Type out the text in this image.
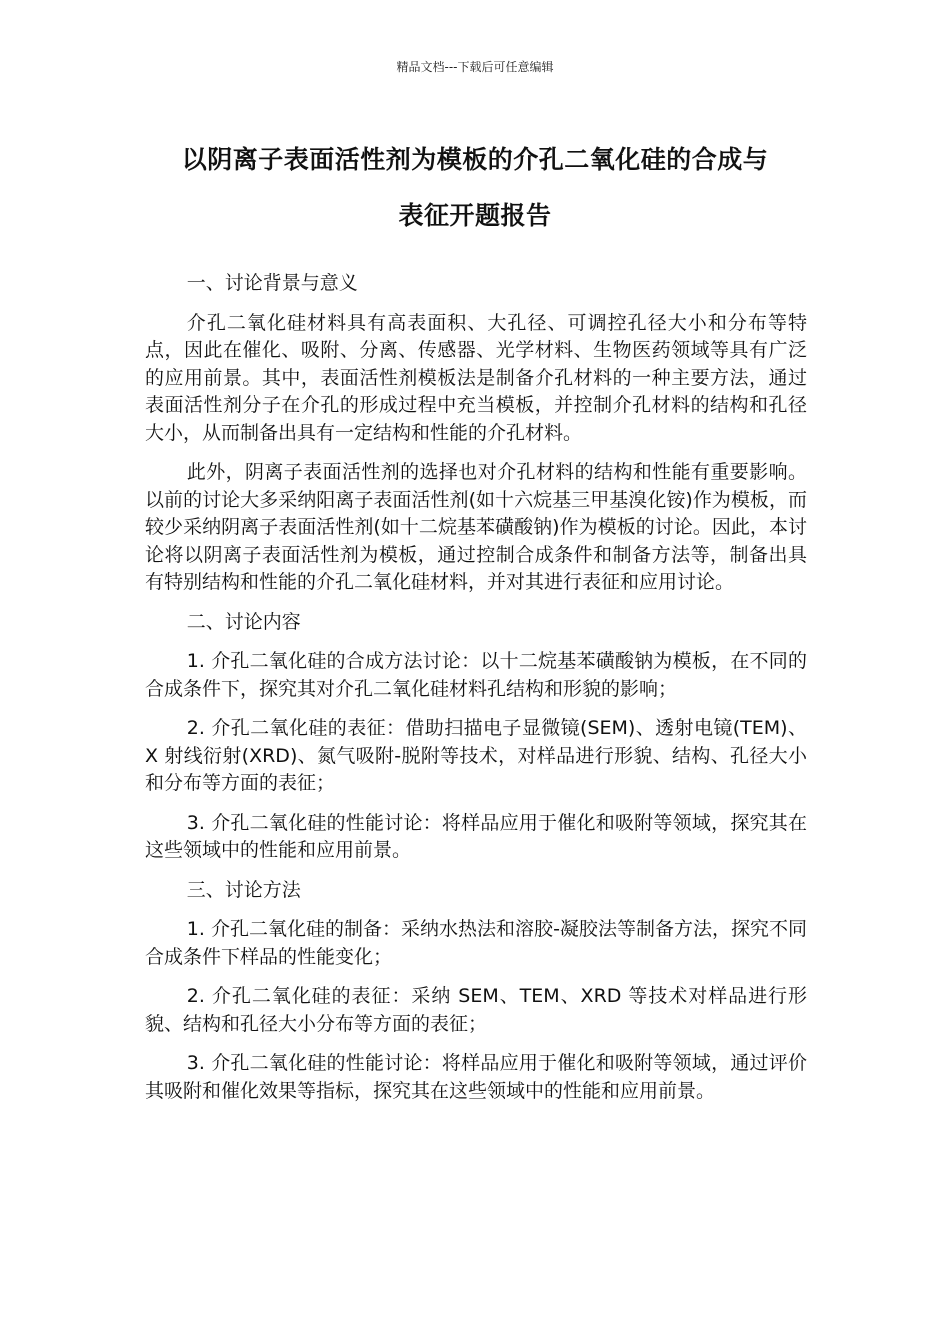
精品文档---下载后可任意编辑
以阴离子表面活性剂为模板的介孔二氧化硅的合成与
表征开题报告

一、讨论背景与意义

介孔二氧化硅材料具有高表面积、大孔径、可调控孔径大小和分布等特点，因此在催化、吸附、分离、传感器、光学材料、生物医药领域等具有广泛的应用前景。其中，表面活性剂模板法是制备介孔材料的一种主要方法，通过表面活性剂分子在介孔的形成过程中充当模板，并控制介孔材料的结构和孔径大小，从而制备出具有一定结构和性能的介孔材料。

此外，阴离子表面活性剂的选择也对介孔材料的结构和性能有重要影响。以前的讨论大多采纳阳离子表面活性剂(如十六烷基三甲基溴化铵)作为模板，而较少采纳阴离子表面活性剂(如十二烷基苯磺酸钠)作为模板的讨论。因此，本讨论将以阴离子表面活性剂为模板，通过控制合成条件和制备方法等，制备出具有特别结构和性能的介孔二氧化硅材料，并对其进行表征和应用讨论。

二、讨论内容

1. 介孔二氧化硅的合成方法讨论：以十二烷基苯磺酸钠为模板，在不同的合成条件下，探究其对介孔二氧化硅材料孔结构和形貌的影响；

2. 介孔二氧化硅的表征：借助扫描电子显微镜(SEM)、透射电镜(TEM)、X 射线衍射(XRD)、氮气吸附-脱附等技术，对样品进行形貌、结构、孔径大小和分布等方面的表征；

3. 介孔二氧化硅的性能讨论：将样品应用于催化和吸附等领域，探究其在这些领域中的性能和应用前景。

三、讨论方法

1. 介孔二氧化硅的制备：采纳水热法和溶胶-凝胶法等制备方法，探究不同合成条件下样品的性能变化；

2. 介孔二氧化硅的表征：采纳 SEM、TEM、XRD 等技术对样品进行形貌、结构和孔径大小分布等方面的表征；

3. 介孔二氧化硅的性能讨论：将样品应用于催化和吸附等领域，通过评价其吸附和催化效果等指标，探究其在这些领域中的性能和应用前景。
